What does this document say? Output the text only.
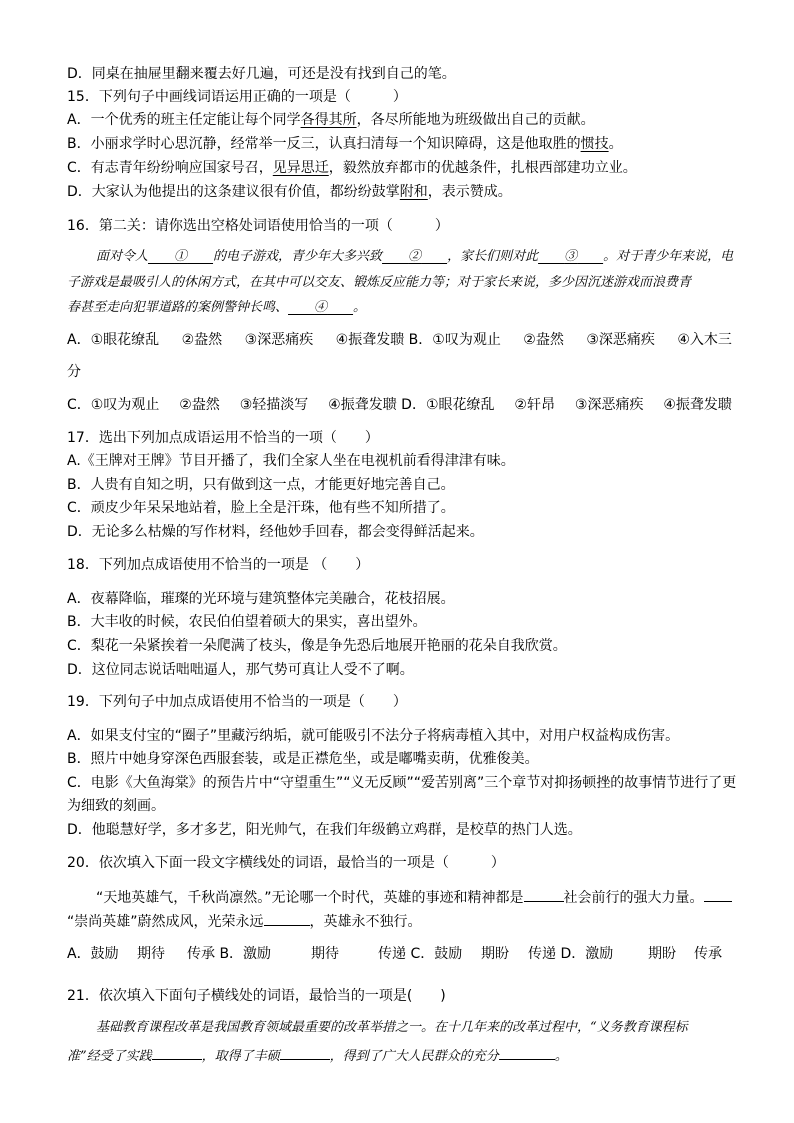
D．同桌在抽屉里翻来覆去好几遍，可还是没有找到自己的笔。
15．下列句子中画线词语运用正确的一项是（　　　）
A．一个优秀的班主任定能让每个同学各得其所，各尽所能地为班级做出自己的贡献。
B．小丽求学时心思沉静，经常举一反三，认真扫清每一个知识障碍，这是他取胜的惯技。
C．有志青年纷纷响应国家号召，见异思迁，毅然放弃都市的优越条件，扎根西部建功立业。
D．大家认为他提出的这条建议很有价值，都纷纷鼓掌附和，表示赞成。
16．第二关：请你选出空格处词语使用恰当的一项（　　　）
面对令人   ①   的电子游戏，青少年大多兴致   ②   ，家长们则对此   ③   。对于青少年来说，电
子游戏是最吸引人的休闲方式，在其中可以交友、锻炼反应能力等；对于家长来说，多少因沉迷游戏而浪费青
春甚至走向犯罪道路的案例警钟长鸣、   ④   。
A．①眼花缭乱 ②盎然 ③深恶痛疾 ④振聋发聩 B．①叹为观止 ②盎然 ③深恶痛疾 ④入木三
分
C．①叹为观止 ②盎然 ③轻描淡写 ④振聋发聩 D．①眼花缭乱 ②轩昂 ③深恶痛疾 ④振聋发聩
17．选出下列加点成语运用不恰当的一项（　　）
A.《王牌对王牌》节目开播了，我们全家人坐在电视机前看得津津有味。
B．人贵有自知之明，只有做到这一点，才能更好地完善自己。
C．顽皮少年呆呆地站着，脸上全是汗珠，他有些不知所措了。
D．无论多么枯燥的写作材料，经他妙手回春，都会变得鲜活起来。
18．下列加点成语使用不恰当的一项是 （　　）
A．夜幕降临，璀璨的光环境与建筑整体完美融合，花枝招展。
B．大丰收的时候，农民伯伯望着硕大的果实，喜出望外。
C．梨花一朵紧挨着一朵爬满了枝头，像是争先恐后地展开艳丽的花朵自我欣赏。
D．这位同志说话咄咄逼人，那气势可真让人受不了啊。
19．下列句子中加点成语使用不恰当的一项是（　　）
A．如果支付宝的“圈子”里藏污纳垢，就可能吸引不法分子将病毒植入其中，对用户权益构成伤害。
B．照片中她身穿深色西服套装，或是正襟危坐，或是嘟嘴卖萌，优雅俊美。
C．电影《大鱼海棠》的预告片中“守望重生”“义无反顾”“爱苦别离”三个章节对抑扬顿挫的故事情节进行了更
为细致的刻画。
D．他聪慧好学，多才多艺，阳光帅气，在我们年级鹤立鸡群，是校草的热门人选。
20．依次填入下面一段文字横线处的词语，最恰当的一项是（　　　）
“天地英雄气，千秋尚凛然。”无论哪一个时代，英雄的事迹和精神都是	社会前行的强大力量。
“崇尚英雄”蔚然成风，光荣永远	，英雄永不独行。
A．鼓励 期待 传承 B．激励	期待	传递 C．鼓励 期盼 传递 D．激励 期盼 传承
21．依次填入下面句子横线处的词语，最恰当的一项是(　　)
基础教育课程改革是我国教育领域最重要的改革举措之一。在十几年来的改革过程中，“义务教育课程标
准”经受了实践	，取得了丰硕	，得到了广大人民群众的充分	。
